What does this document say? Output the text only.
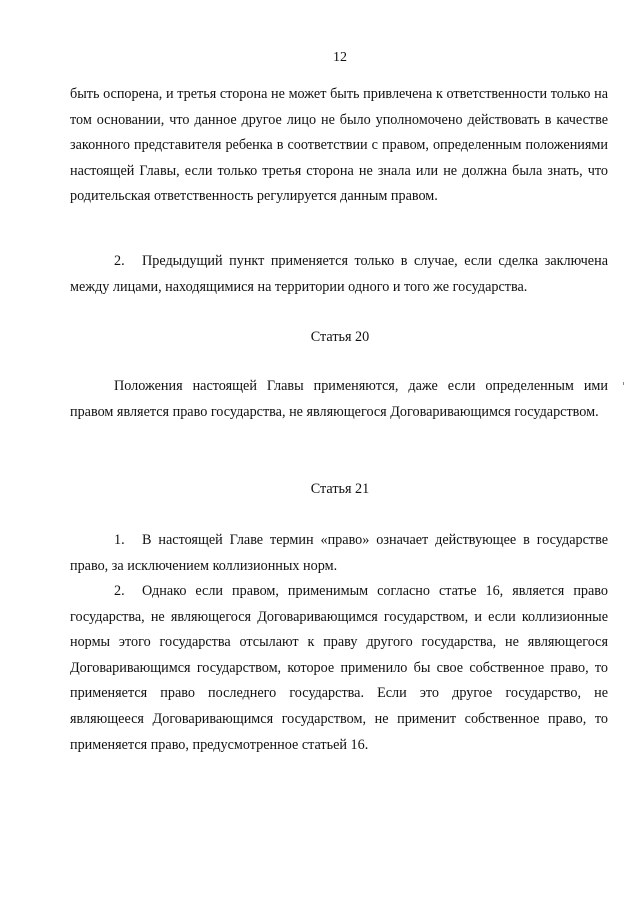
12

быть оспорена, и третья сторона не может быть привлечена к ответственности только на том основании, что данное другое лицо не было уполномочено действовать в качестве законного представителя ребенка в соответствии с правом, определенным положениями настоящей Главы, если только третья сторона не знала или не должна была знать, что родительская ответственность регулируется данным правом.

2. Предыдущий пункт применяется только в случае, если сделка заключена между лицами, находящимися на территории одного и того же государства.

Статья 20

Положения настоящей Главы применяются, даже если определенным ими правом является право государства, не являющегося Договаривающимся государством.

Статья 21

1. В настоящей Главе термин «право» означает действующее в государстве право, за исключением коллизионных норм.

2. Однако если правом, применимым согласно статье 16, является право государства, не являющегося Договаривающимся государством, и если коллизионные нормы этого государства отсылают к праву другого государства, не являющегося Договаривающимся государством, которое применило бы свое собственное право, то применяется право последнего государства. Если это другое государство, не являющееся Договаривающимся государством, не применит собственное право, то применяется право, предусмотренное статьей 16.
